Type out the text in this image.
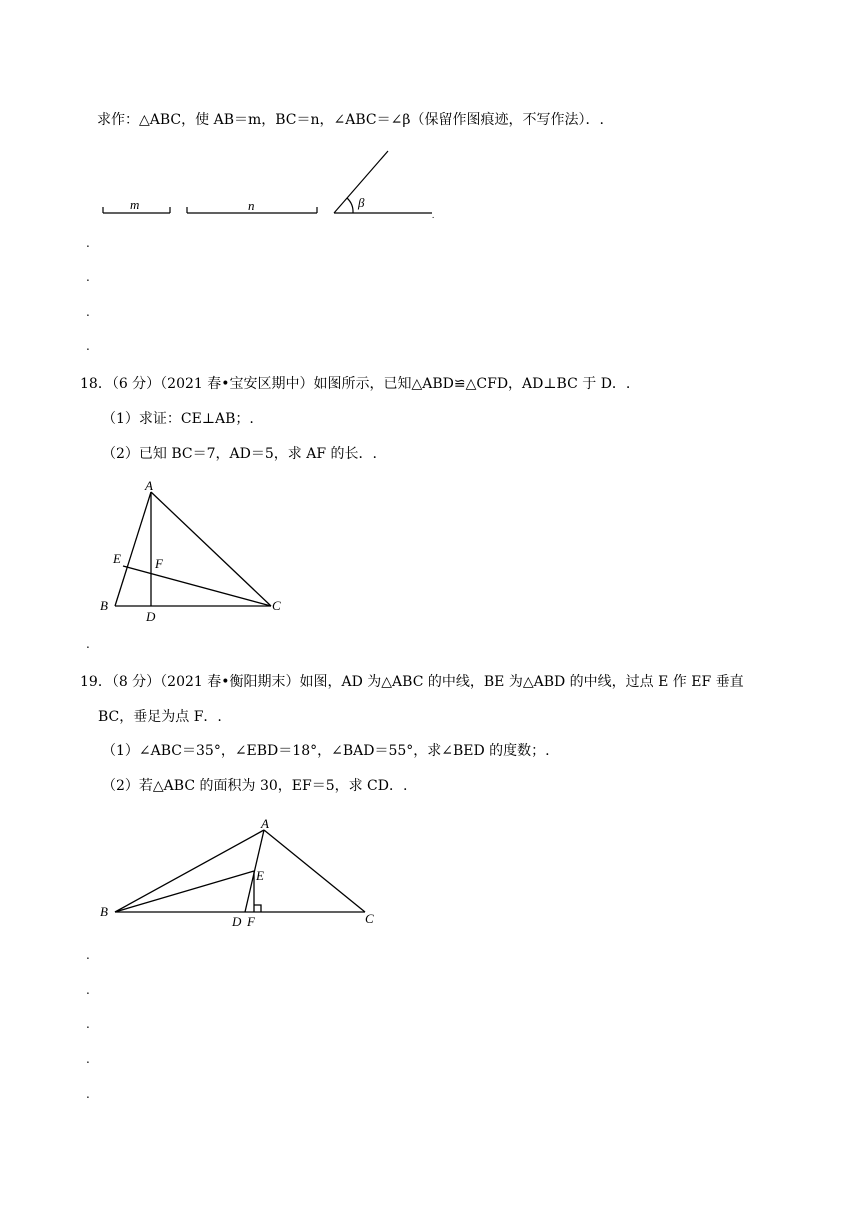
求作：△ABC，使 AB＝m，BC＝n，∠ABC＝∠β（保留作图痕迹，不写作法）．.
m	n	β
.
.
.
.
.
18．（6 分）（2021 春•宝安区期中）如图所示，已知△ABD≌△CFD，AD⊥BC 于 D．.
（1）求证：CE⊥AB；.
（2）已知 BC＝7，AD＝5，求 AF 的长．.
A
B	C
D
E	F
.
19．（8 分）（2021 春•衡阳期末）如图，AD 为△ABC 的中线，BE 为△ABD 的中线，过点 E 作 EF 垂直
BC，垂足为点 F．.
（1）∠ABC＝35°，∠EBD＝18°，∠BAD＝55°，求∠BED 的度数；.
（2）若△ABC 的面积为 30，EF＝5，求 CD．.
A
B	C
D
E
F
.
.
.
.
.
